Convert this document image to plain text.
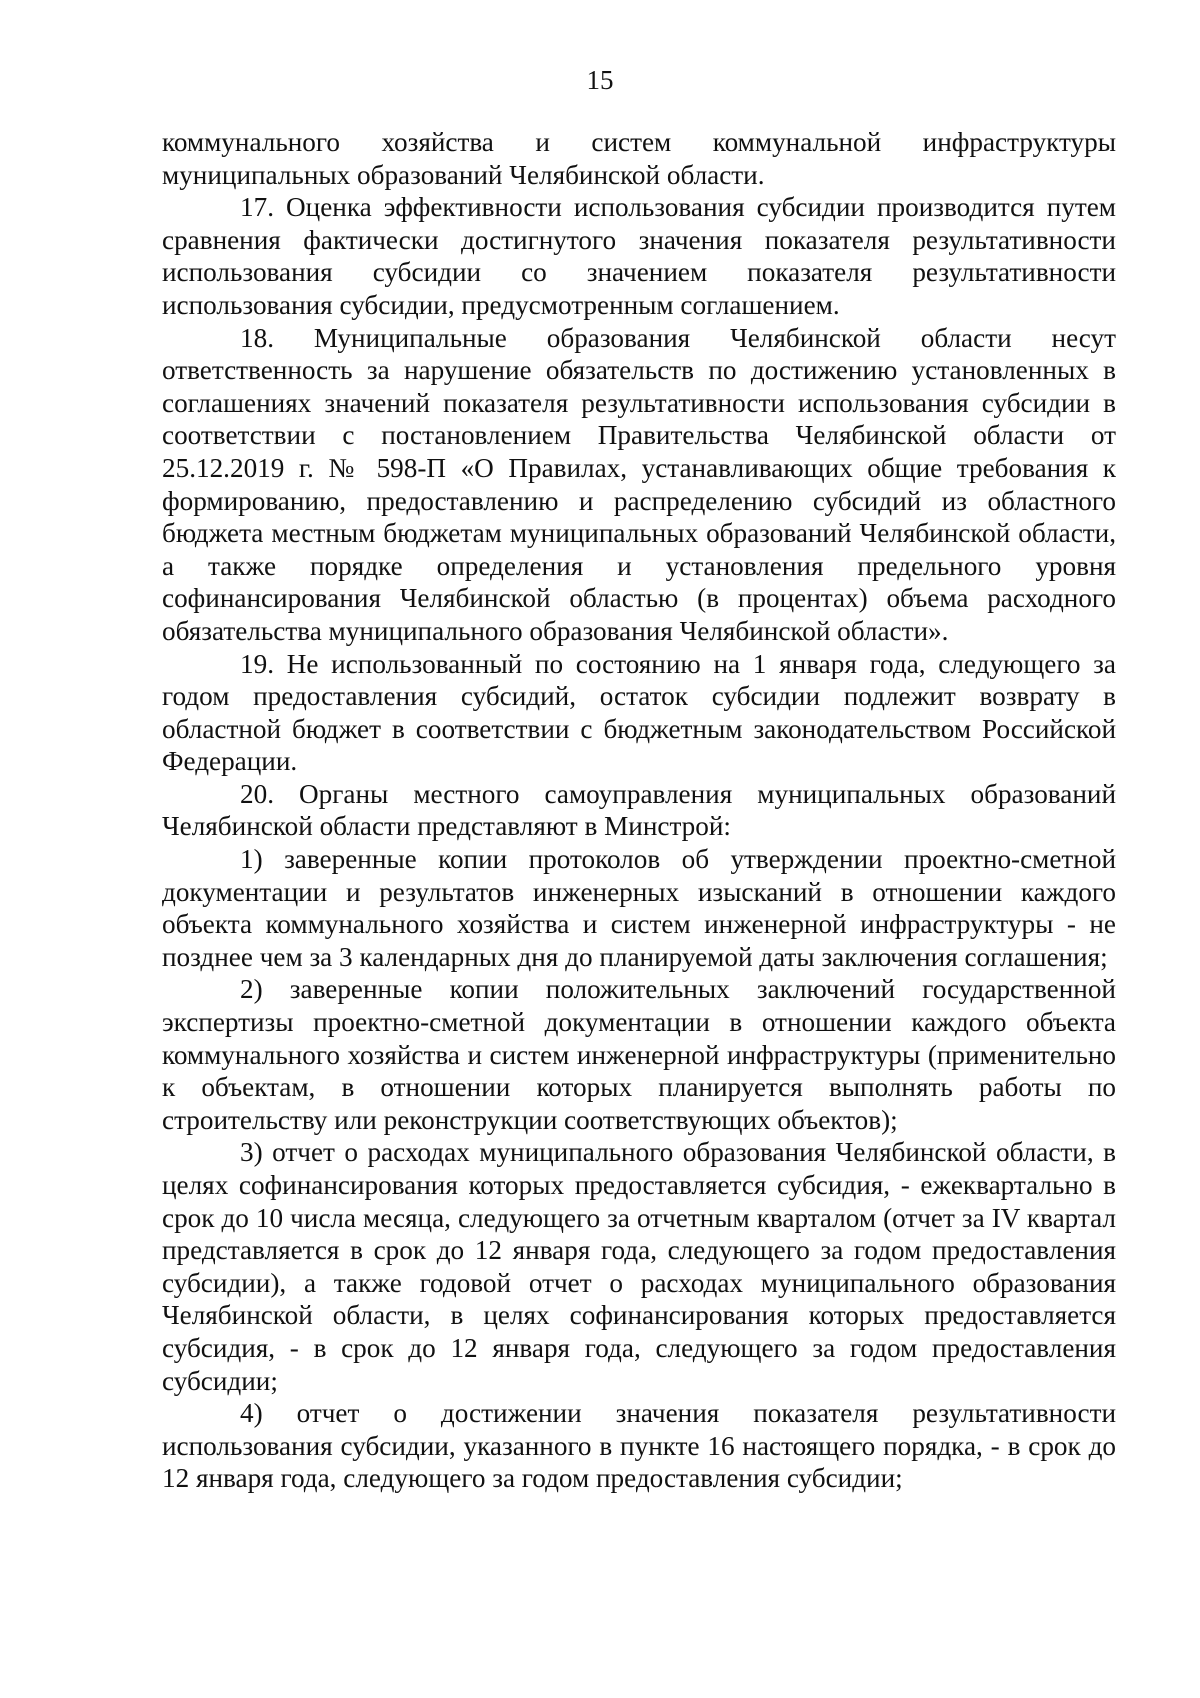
15

коммунального хозяйства и систем коммунальной инфраструктуры муниципальных образований Челябинской области.

17. Оценка эффективности использования субсидии производится путем сравнения фактически достигнутого значения показателя результативности использования субсидии со значением показателя результативности использования субсидии, предусмотренным соглашением.

18. Муниципальные образования Челябинской области несут ответственность за нарушение обязательств по достижению установленных в соглашениях значений показателя результативности использования субсидии в соответствии с постановлением Правительства Челябинской области от 25.12.2019 г. № 598-П «О Правилах, устанавливающих общие требования к формированию, предоставлению и распределению субсидий из областного бюджета местным бюджетам муниципальных образований Челябинской области, а также порядке определения и установления предельного уровня софинансирования Челябинской областью (в процентах) объема расходного обязательства муниципального образования Челябинской области».

19. Не использованный по состоянию на 1 января года, следующего за годом предоставления субсидий, остаток субсидии подлежит возврату в областной бюджет в соответствии с бюджетным законодательством Российской Федерации.

20. Органы местного самоуправления муниципальных образований Челябинской области представляют в Минстрой:

1) заверенные копии протоколов об утверждении проектно-сметной документации и результатов инженерных изысканий в отношении каждого объекта коммунального хозяйства и систем инженерной инфраструктуры - не позднее чем за 3 календарных дня до планируемой даты заключения соглашения;

2) заверенные копии положительных заключений государственной экспертизы проектно-сметной документации в отношении каждого объекта коммунального хозяйства и систем инженерной инфраструктуры (применительно к объектам, в отношении которых планируется выполнять работы по строительству или реконструкции соответствующих объектов);

3) отчет о расходах муниципального образования Челябинской области, в целях софинансирования которых предоставляется субсидия, - ежеквартально в срок до 10 числа месяца, следующего за отчетным кварталом (отчет за IV квартал представляется в срок до 12 января года, следующего за годом предоставления субсидии), а также годовой отчет о расходах муниципального образования Челябинской области, в целях софинансирования которых предоставляется субсидия, - в срок до 12 января года, следующего за годом предоставления субсидии;

4) отчет о достижении значения показателя результативности использования субсидии, указанного в пункте 16 настоящего порядка, - в срок до 12 января года, следующего за годом предоставления субсидии;
